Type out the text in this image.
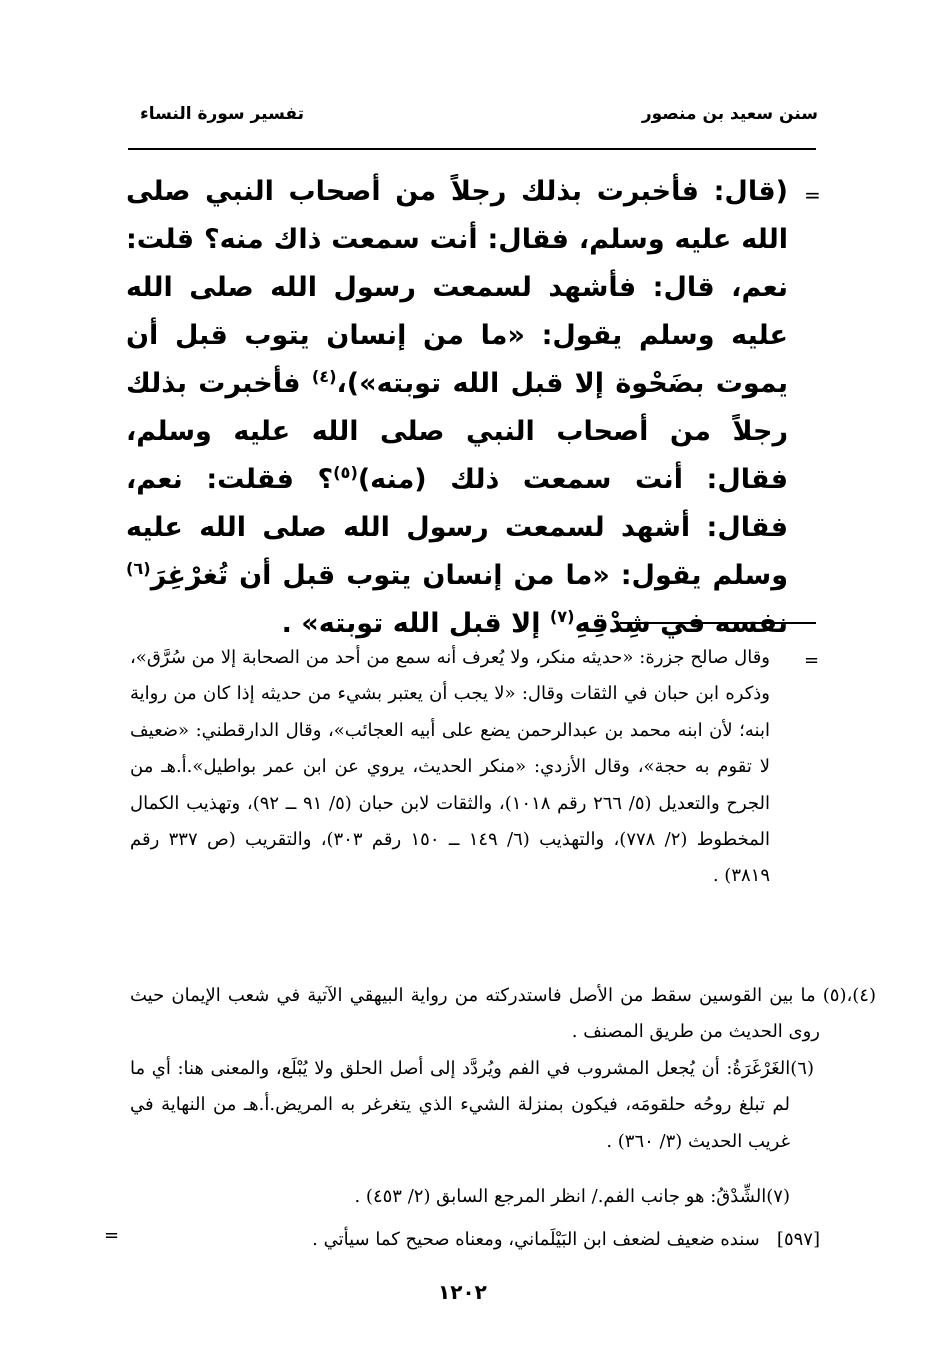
سنن سعيد بن منصور
تفسير سورة النساء
=
(قال: فأخبرت بذلك رجلاً من أصحاب النبي صلى الله عليه وسلم، فقال: أنت سمعت ذاك منه؟ قلت: نعم، قال: فأشهد لسمعت رسول الله صلى الله عليه وسلم يقول: «ما من إنسان يتوب قبل أن يموت بضَحْوة إلا قبل الله توبته»)،$^{(٤)}$ فأخبرت بذلك رجلاً من أصحاب النبي صلى الله عليه وسلم، فقال: أنت سمعت ذلك (منه)$^{(٥)}$؟ فقلت: نعم، فقال: أشهد لسمعت رسول الله صلى الله عليه وسلم يقول: «ما من إنسان يتوب قبل أن تُغرْغِرَ$^{(٦)}$ نفسه في شِدْقِهِ$^{(٧)}$ إلا قبل الله توبته» .
=
وقال صالح جزرة: «حديثه منكر، ولا يُعرف أنه سمع من أحد من الصحابة إلا من سُرَّق»، وذكره ابن حبان في الثقات وقال: «لا يجب أن يعتبر بشيء من حديثه إذا كان من رواية ابنه؛ لأن ابنه محمد بن عبدالرحمن يضع على أبيه العجائب»، وقال الدارقطني: «ضعيف لا تقوم به حجة»، وقال الأزدي: «منكر الحديث، يروي عن ابن عمر بواطيل».أ.هـ من الجرح والتعديل (٥/ ٢٦٦ رقم ١٠١٨)، والثقات لابن حبان (٥/ ٩١ ــ ٩٢)، وتهذيب الكمال المخطوط (٢/ ٧٧٨)، والتهذيب (٦/ ١٤٩ ــ ١٥٠ رقم ٣٠٣)، والتقريب (ص ٣٣٧ رقم ٣٨١٩) .
(٤)،(٥) ما بين القوسين سقط من الأصل فاستدركته من رواية البيهقي الآتية في شعب الإيمان حيث روى الحديث من طريق المصنف .
(٦)الغَرْغَرَةُ: أن يُجعل المشروب في الفم ويُردَّد إلى أصل الحلق ولا يُبْلَع، والمعنى هنا: أي ما لم تبلغ روحُه حلقومَه، فيكون بمنزلة الشيء الذي يتغرغر به المريض.أ.هـ من النهاية في غريب الحديث (٣/ ٣٦٠) .
(٧)الشِّدْقُ: هو جانب الفم./ انظر المرجع السابق (٢/ ٤٥٣) .
[٥٩٧]   سنده ضعيف لضعف ابن البَيْلَماني، ومعناه صحيح كما سيأتي .
=
١٢٠٢
